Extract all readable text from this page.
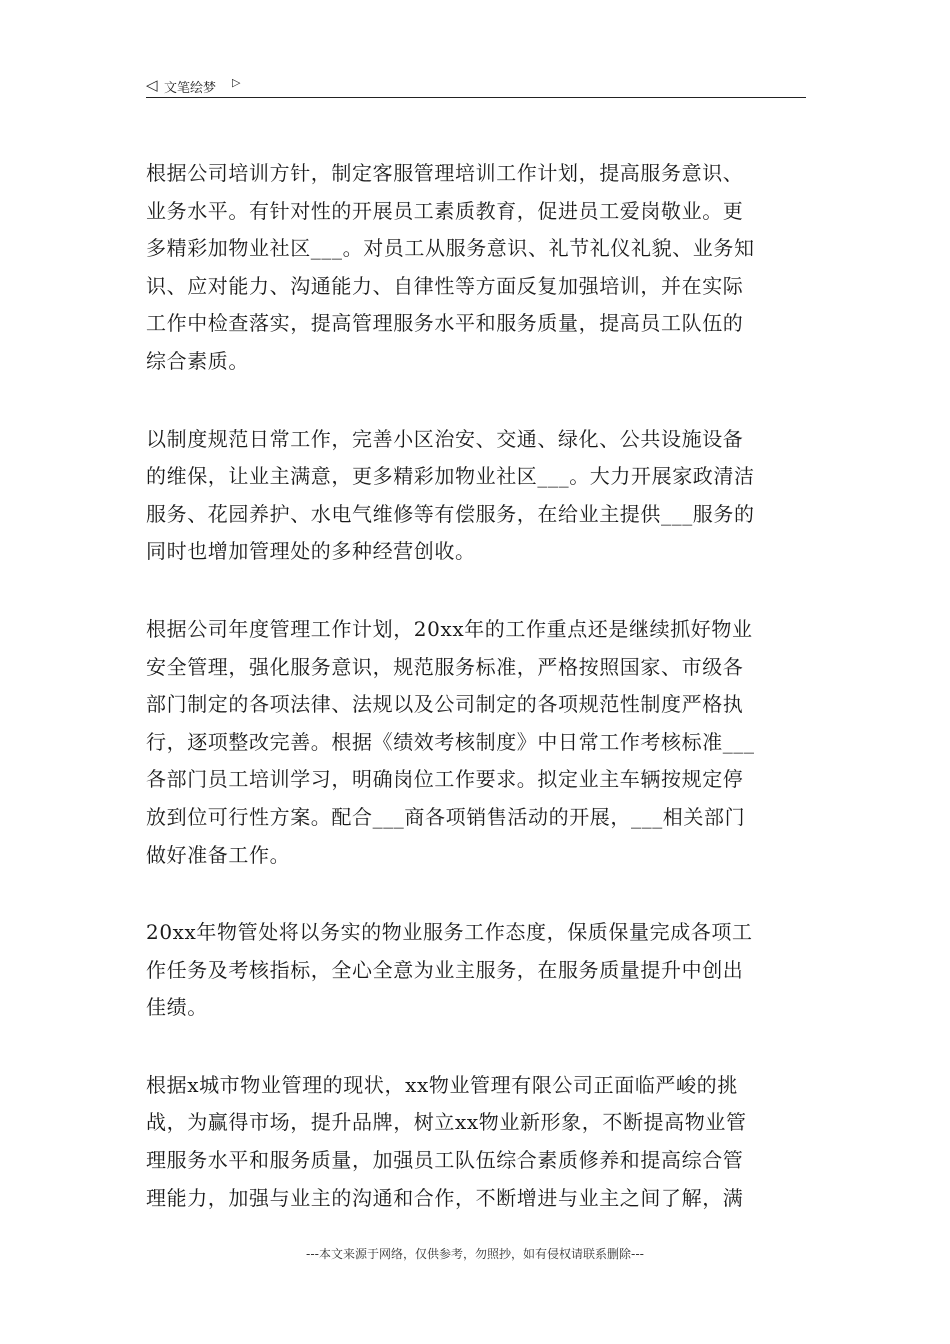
◁ 文笔绘梦 ▷

根据公司培训方针，制定客服管理培训工作计划，提高服务意识、
业务水平。有针对性的开展员工素质教育，促进员工爱岗敬业。更
多精彩加物业社区___。对员工从服务意识、礼节礼仪礼貌、业务知
识、应对能力、沟通能力、自律性等方面反复加强培训，并在实际
工作中检查落实，提高管理服务水平和服务质量，提高员工队伍的
综合素质。

以制度规范日常工作，完善小区治安、交通、绿化、公共设施设备
的维保，让业主满意，更多精彩加物业社区___。大力开展家政清洁
服务、花园养护、水电气维修等有偿服务，在给业主提供___服务的
同时也增加管理处的多种经营创收。

根据公司年度管理工作计划，20xx年的工作重点还是继续抓好物业
安全管理，强化服务意识，规范服务标准，严格按照国家、市级各
部门制定的各项法律、法规以及公司制定的各项规范性制度严格执
行，逐项整改完善。根据《绩效考核制度》中日常工作考核标准___
各部门员工培训学习，明确岗位工作要求。拟定业主车辆按规定停
放到位可行性方案。配合___商各项销售活动的开展，___相关部门
做好准备工作。

20xx年物管处将以务实的物业服务工作态度，保质保量完成各项工
作任务及考核指标，全心全意为业主服务，在服务质量提升中创出
佳绩。

根据x城市物业管理的现状，xx物业管理有限公司正面临严峻的挑
战，为赢得市场，提升品牌，树立xx物业新形象，不断提高物业管
理服务水平和服务质量，加强员工队伍综合素质修养和提高综合管
理能力，加强与业主的沟通和合作，不断增进与业主之间了解，满

---本文来源于网络，仅供参考，勿照抄，如有侵权请联系删除---
